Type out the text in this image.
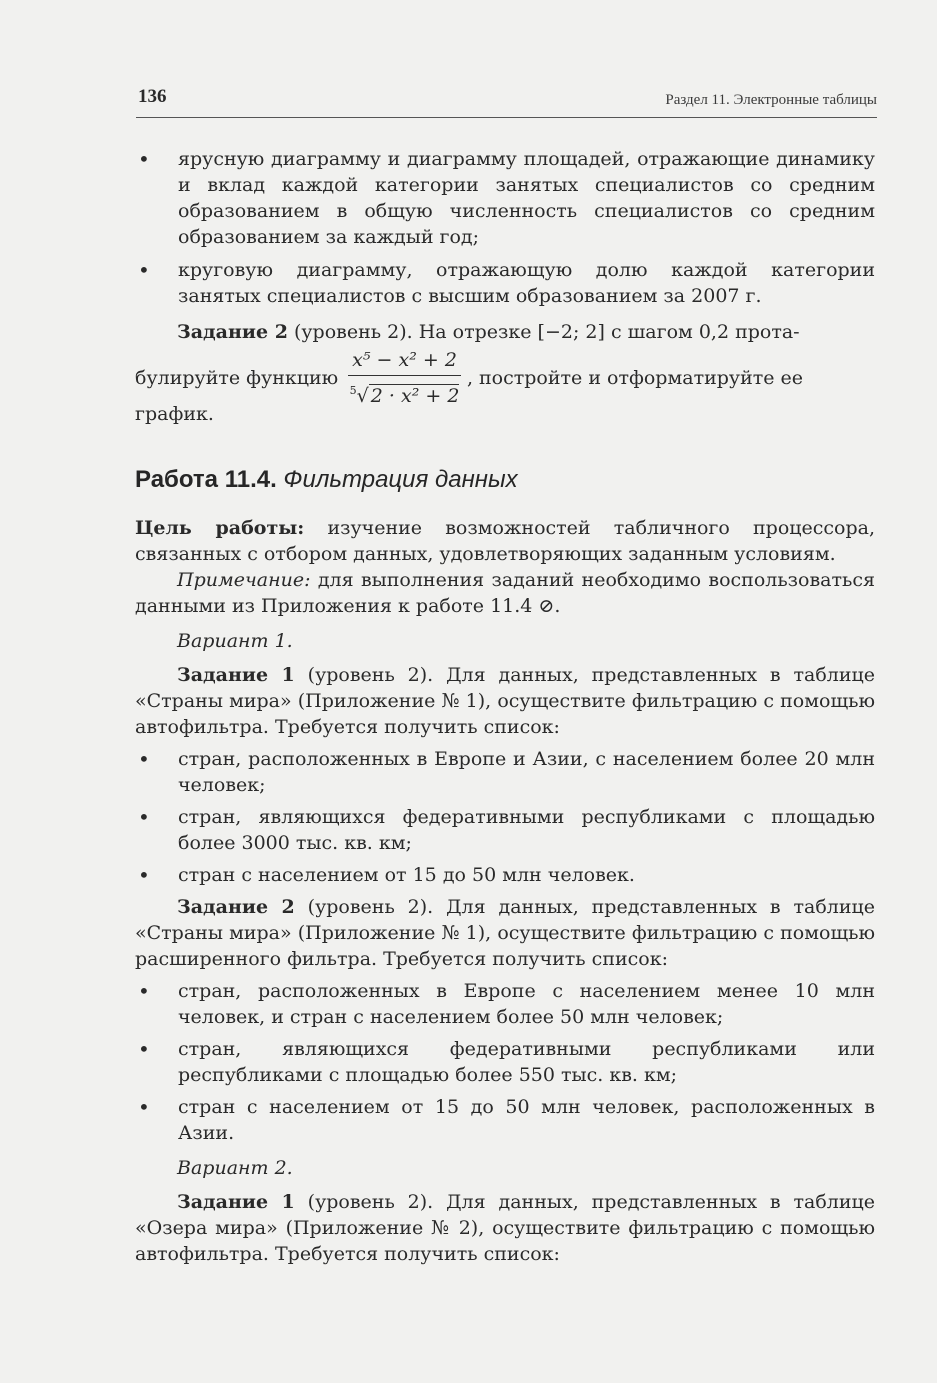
136	Раздел 11. Электронные таблицы
• ярусную диаграмму и диаграмму площадей, отражающие динамику и вклад каждой категории занятых специалистов со средним образованием в общую численность специалистов со средним образованием за каждый год;
• круговую диаграмму, отражающую долю каждой категории занятых специалистов с высшим образованием за 2007 г.

Задание 2 (уровень 2). На отрезке [−2; 2] с шагом 0,2 прота-

булируйте функцию $\frac{\text{x⁵ − x² + 2}}{^5√ 2 \cdot x^2 + 2}$ , постройте и отформатируйте ее

график.

Работа 11.4. Фильтрация данных

Цель работы: изучение возможностей табличного процессора, связанных с отбором данных, удовлетворяющих заданным условиям.

Примечание: для выполнения заданий необходимо воспользоваться данными из Приложения к работе 11.4 ⊘.

Вариант 1.

Задание 1 (уровень 2). Для данных, представленных в таблице «Страны мира» (Приложение № 1), осуществите фильтрацию с помощью автофильтра. Требуется получить список:

• стран, расположенных в Европе и Азии, с населением более 20 млн человек;
• стран, являющихся федеративными республиками с площадью более 3000 тыс. кв. км;
• стран с населением от 15 до 50 млн человек.

Задание 2 (уровень 2). Для данных, представленных в таблице «Страны мира» (Приложение № 1), осуществите фильтрацию с помощью расширенного фильтра. Требуется получить список:

• стран, расположенных в Европе с населением менее 10 млн человек, и стран с населением более 50 млн человек;
• стран, являющихся федеративными республиками или республиками с площадью более 550 тыс. кв. км;
• стран с населением от 15 до 50 млн человек, расположенных в Азии.

Вариант 2.

Задание 1 (уровень 2). Для данных, представленных в таблице «Озера мира» (Приложение № 2), осуществите фильтрацию с помощью автофильтра. Требуется получить список:
